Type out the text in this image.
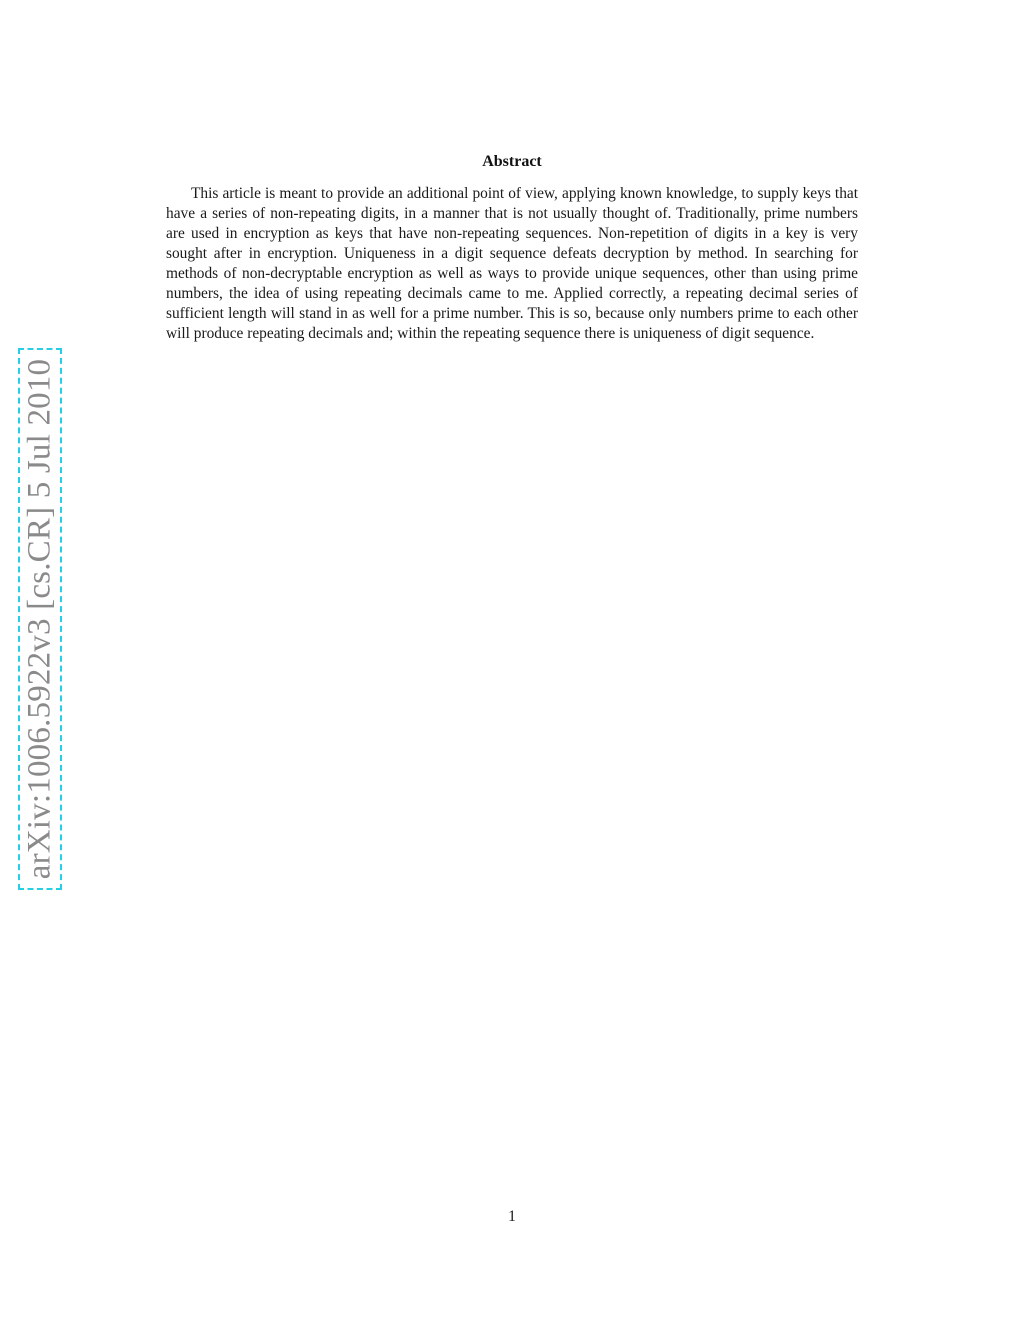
arXiv:1006.5922v3 [cs.CR] 5 Jul 2010
Abstract

This article is meant to provide an additional point of view, applying known knowledge, to supply keys that have a series of non-repeating digits, in a manner that is not usually thought of. Traditionally, prime numbers are used in encryption as keys that have non-repeating sequences. Non-repetition of digits in a key is very sought after in encryption. Uniqueness in a digit sequence defeats decryption by method. In searching for methods of non-decryptable encryption as well as ways to provide unique sequences, other than using prime numbers, the idea of using repeating decimals came to me. Applied correctly, a repeating decimal series of sufficient length will stand in as well for a prime number. This is so, because only numbers prime to each other will produce repeating decimals and; within the repeating sequence there is uniqueness of digit sequence.

1
